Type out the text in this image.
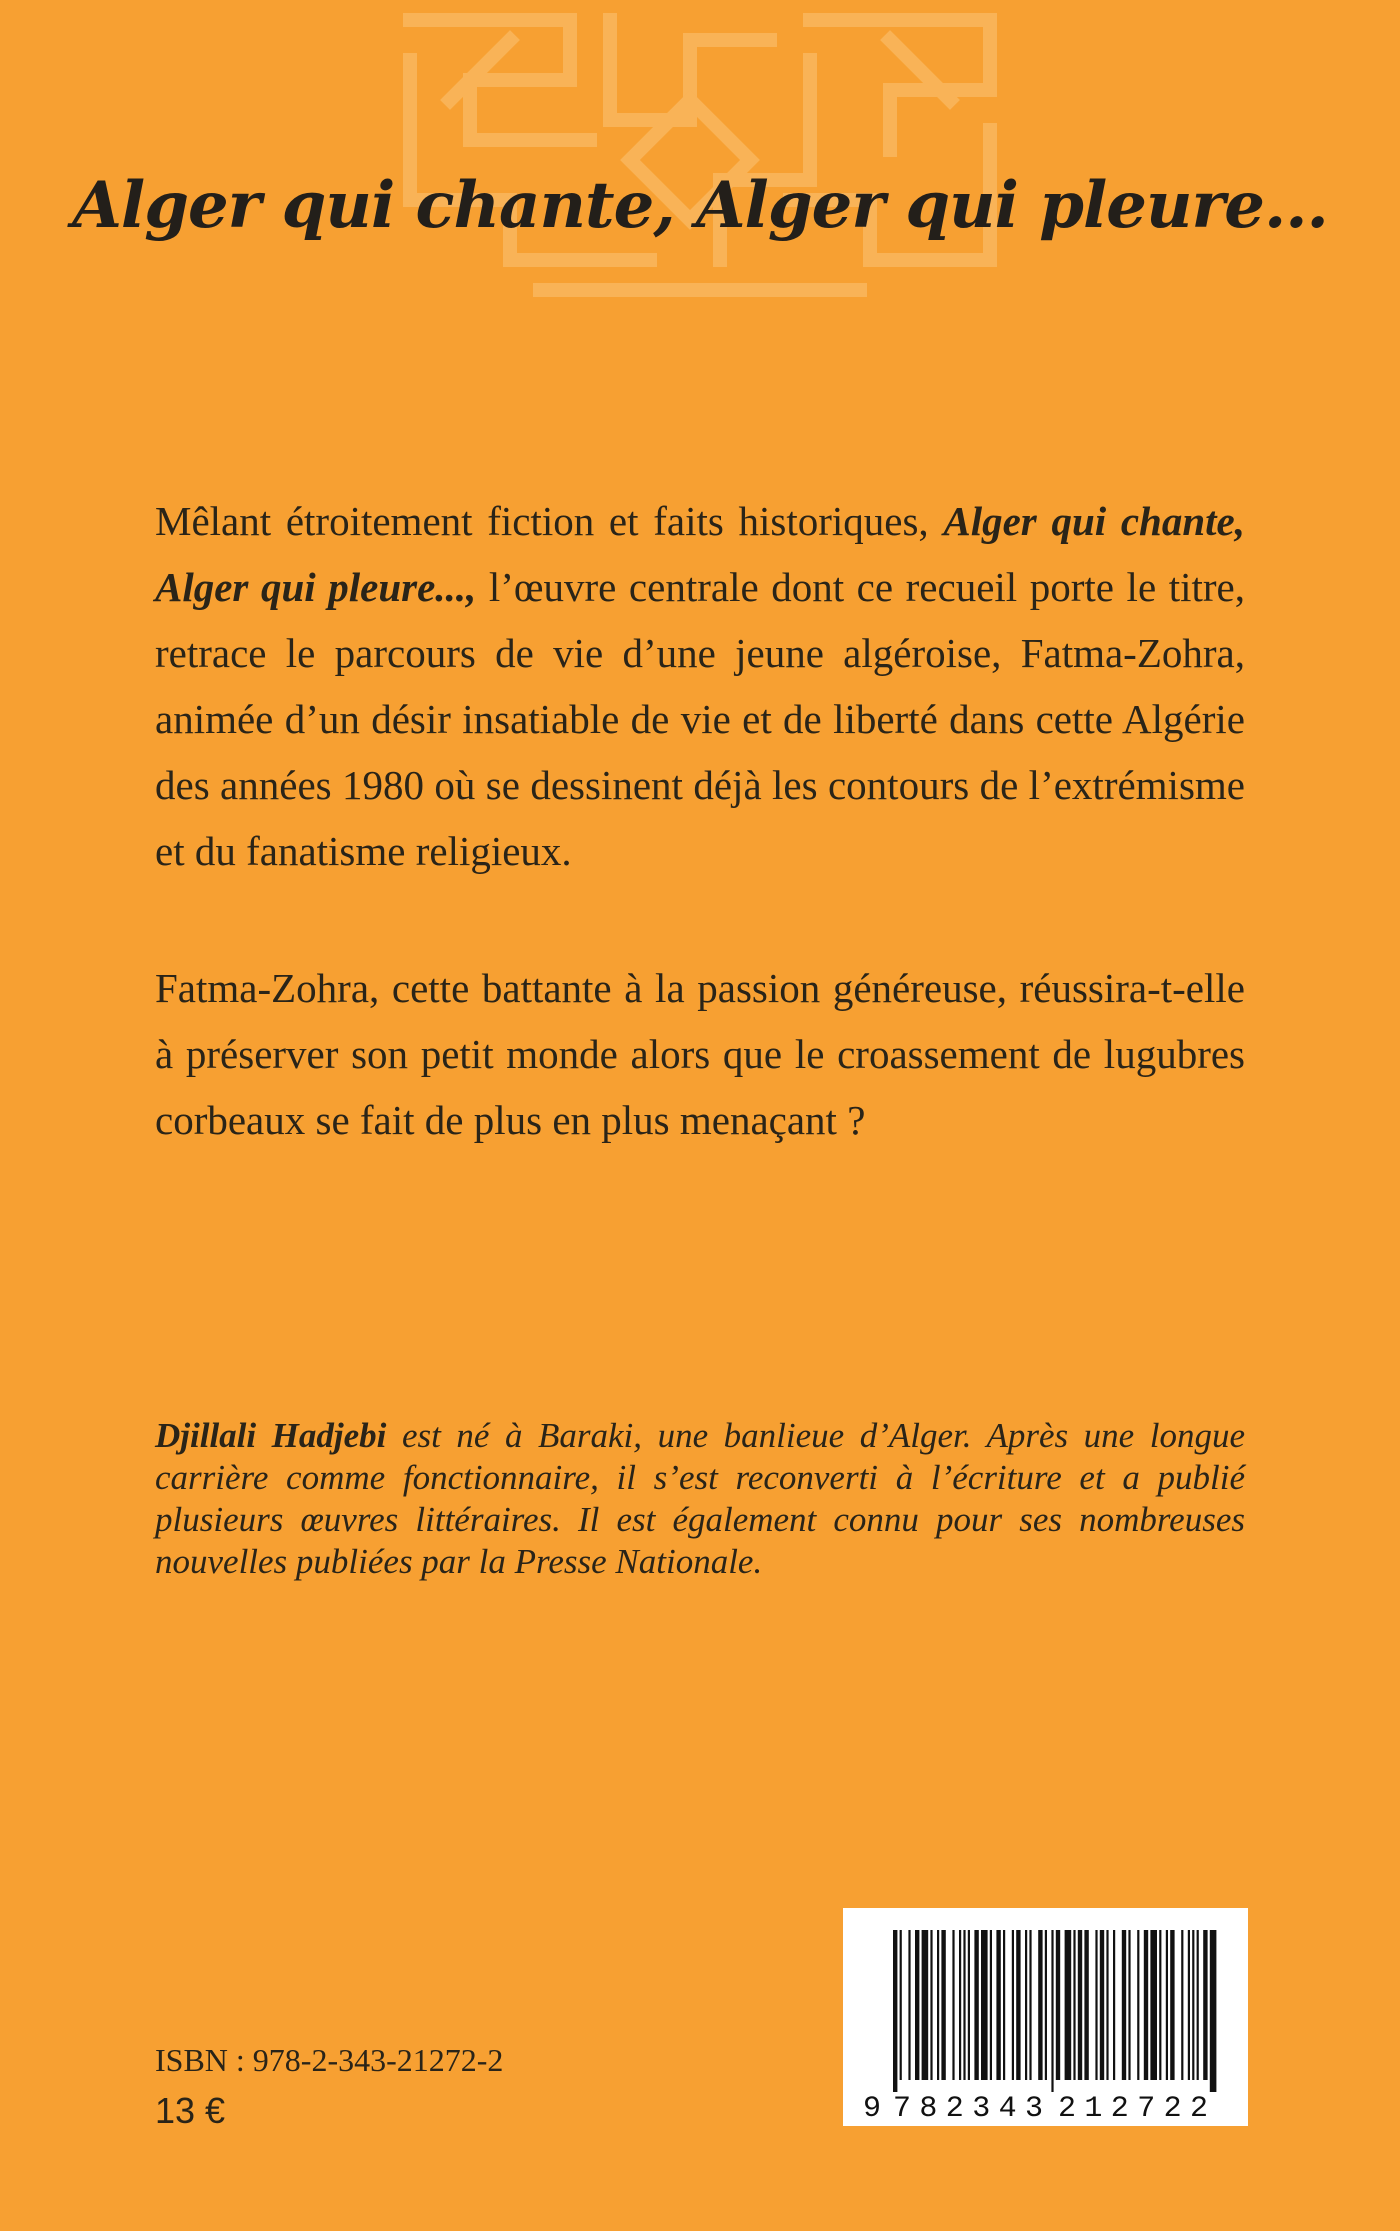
Alger qui chante, Alger qui pleure...

Mêlant étroitement fiction et faits historiques, Alger qui chante, Alger qui pleure..., l’œuvre centrale dont ce recueil porte le titre, retrace le parcours de vie d’une jeune algéroise, Fatma-Zohra, animée d’un désir insatiable de vie et de liberté dans cette Algérie des années 1980 où se dessinent déjà les contours de l’extrémisme et du fanatisme religieux.

Fatma-Zohra, cette battante à la passion généreuse, réussira-t-elle à préserver son petit monde alors que le croassement de lugubres corbeaux se fait de plus en plus menaçant ?

Djillali Hadjebi est né à Baraki, une banlieue d’Alger. Après une longue carrière comme fonctionnaire, il s’est reconverti à l’écriture et a publié plusieurs œuvres littéraires. Il est également connu pour ses nombreuses nouvelles publiées par la Presse Nationale.

ISBN : 978-2-343-21272-2
13 €	9 782343 212722
